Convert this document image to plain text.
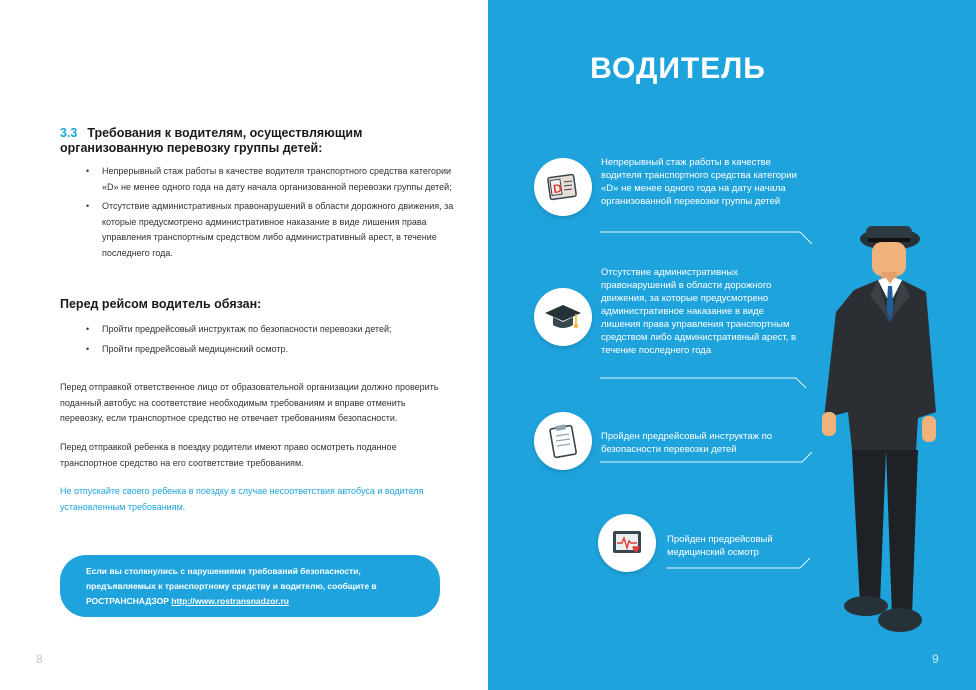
3.3 Требования к водителям, осуществляющим организованную перевозку группы детей:
• Непрерывный стаж работы в качестве водителя транспортного средства категории «D» не менее одного года на дату начала организованной перевозки группы детей;
• Отсутствие административных правонарушений в области дорожного движения, за которые предусмотрено административное наказание в виде лишения права управления транспортным средством либо административный арест, в течение последнего года.
Перед рейсом водитель обязан:
• Пройти предрейсовый инструктаж по безопасности перевозки детей;
• Пройти предрейсовый медицинский осмотр.

Перед отправкой ответственное лицо от образовательной организации должно проверить поданный автобус на соответствие необходимым требованиям и вправе отменить перевозку, если транспортное средство не отвечает требованиям безопасности.

Перед отправкой ребенка в поездку родители имеют право осмотреть поданное транспортное средство на его соответствие требованиям.

Не отпускайте своего ребенка в поездку в случае несоответствия автобуса и водителя установленным требованиям.

Если вы столкнулись с нарушениями требований безопасности, предъявляемых к транспортному средству и водителю, сообщите в РОСТРАНСНАДЗОР http://www.rostransnadzor.ru
8
ВОДИТЕЛЬ
D
Непрерывный стаж работы в качестве водителя транспортного средства категории «D» не менее одного года на дату начала организованной перевозки группы детей
Отсутствие административных правонарушений в области дорожного движения, за которые предусмотрено административное наказание в виде лишения права управления транспортным средством либо административный арест, в течение последнего года
Пройден предрейсовый инструктаж по безопасности перевозки детей
Пройден предрейсовый медицинский осмотр
9
